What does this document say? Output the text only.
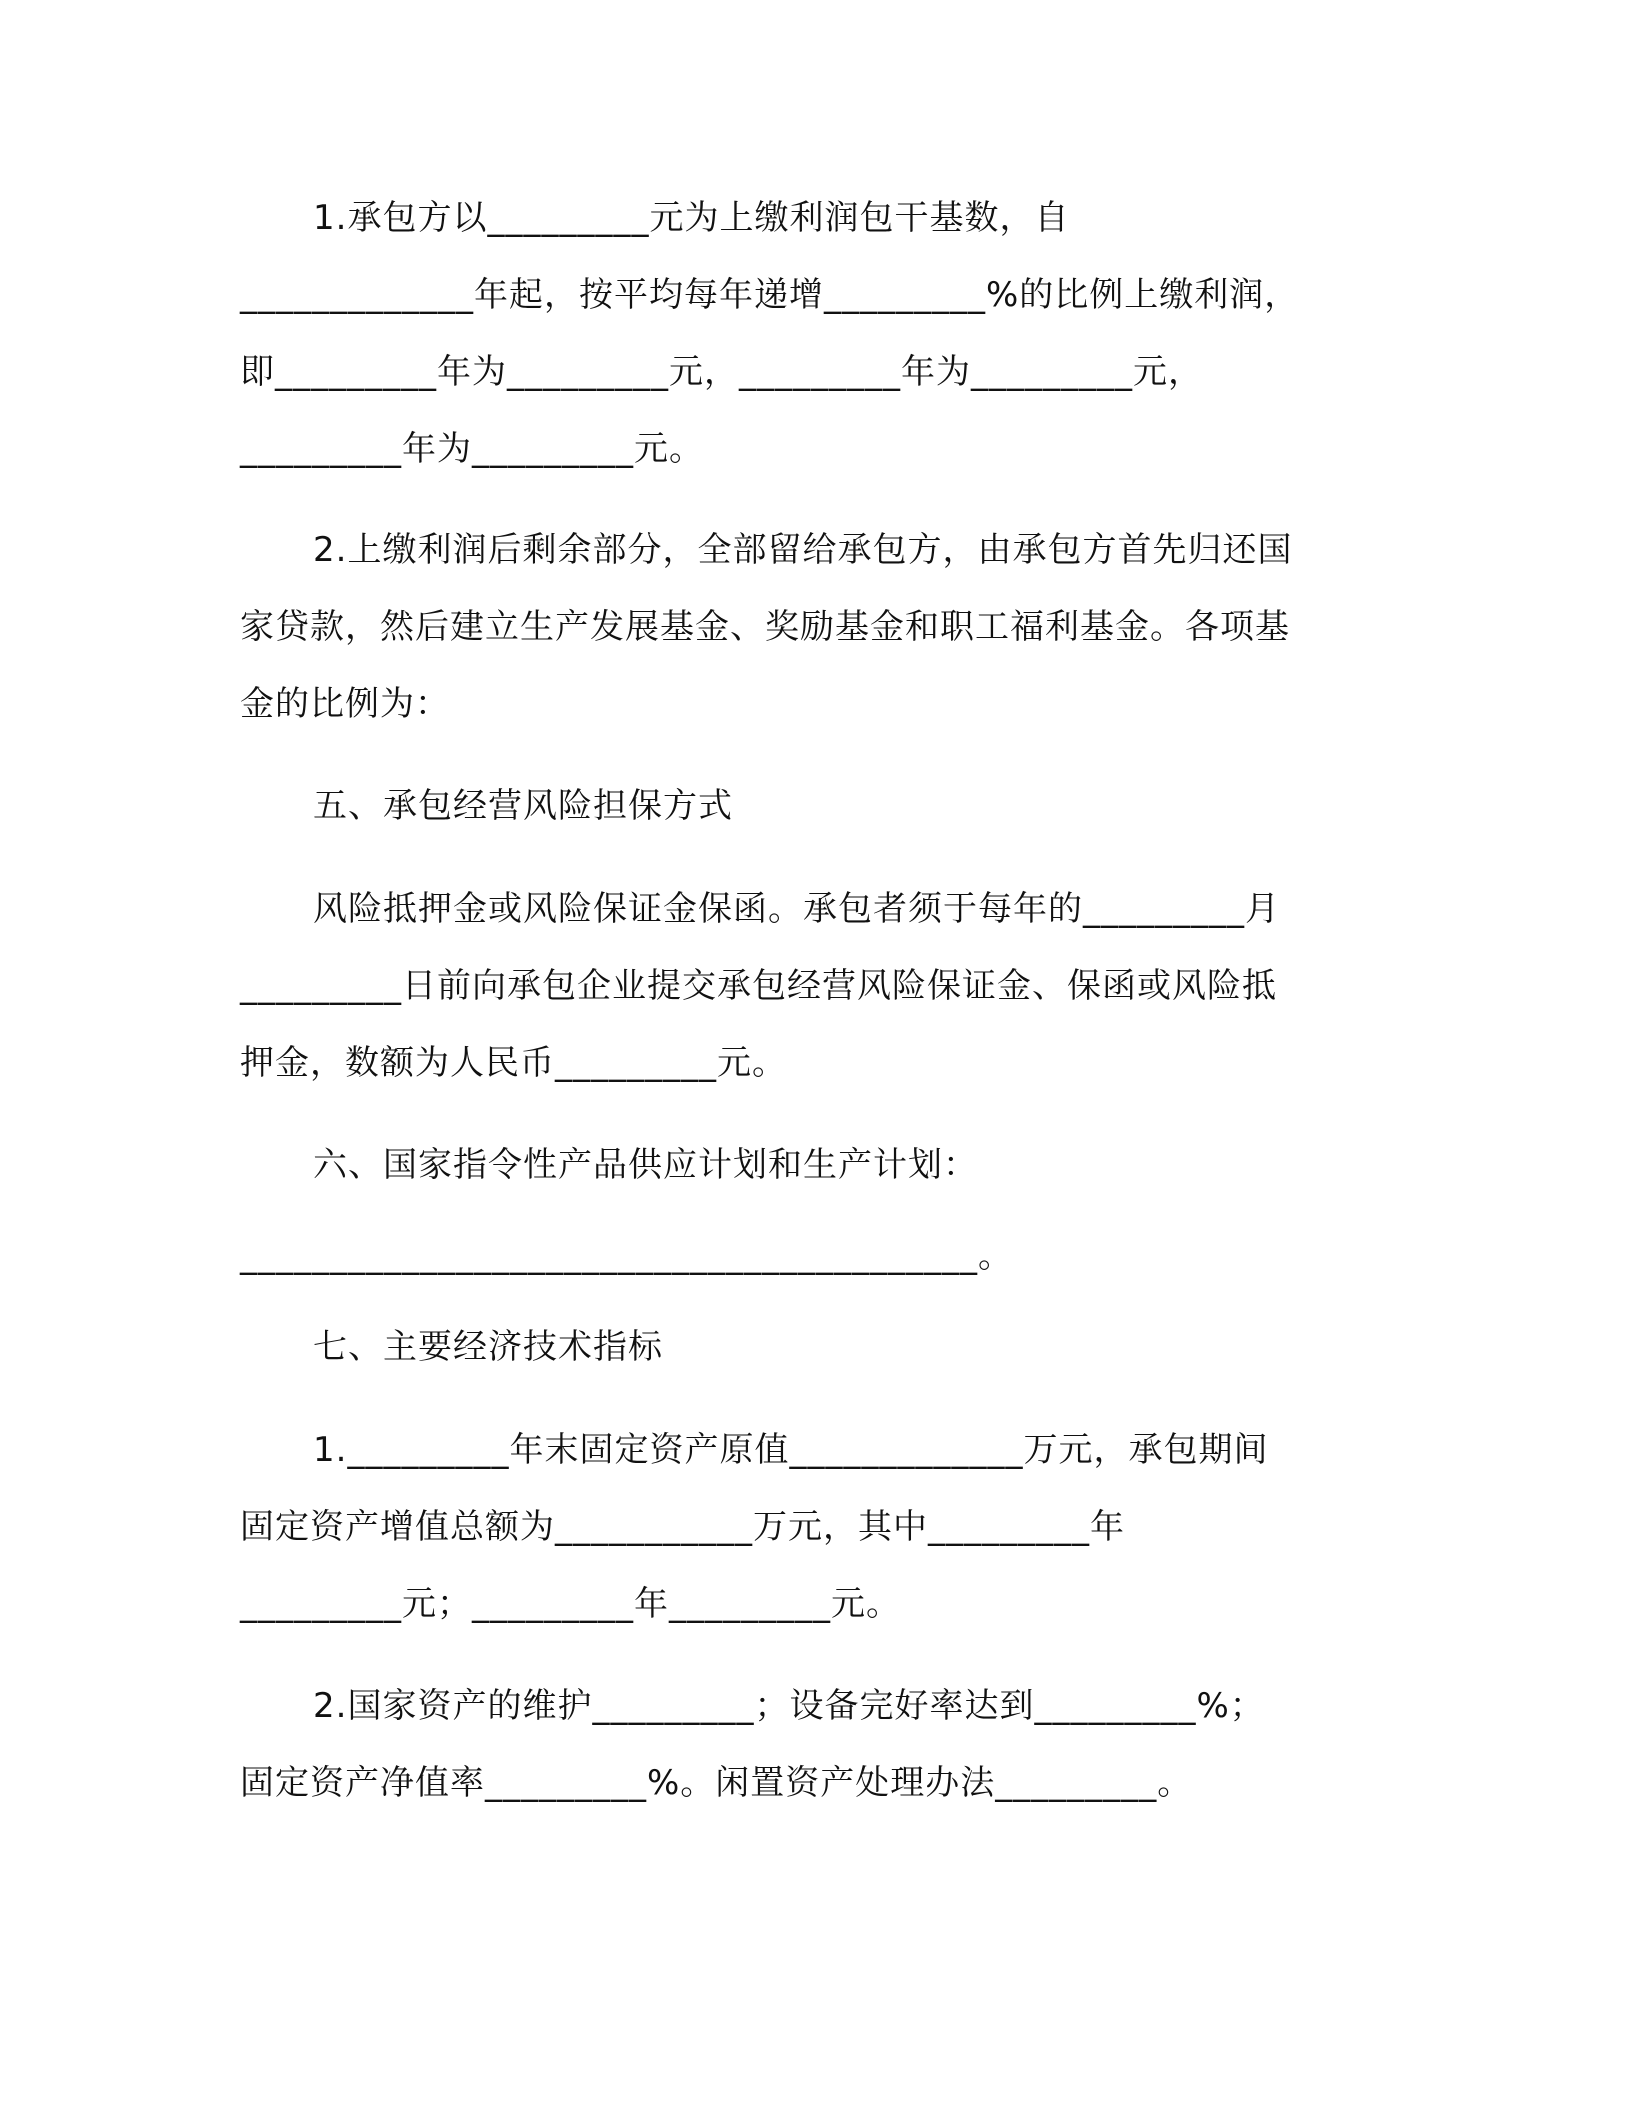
1.承包方以_________元为上缴利润包干基数，自
_____________年起，按平均每年递增_________%的比例上缴利润，
即_________年为_________元，_________年为_________元，
_________年为_________元。
2.上缴利润后剩余部分，全部留给承包方，由承包方首先归还国
家贷款，然后建立生产发展基金、奖励基金和职工福利基金。各项基
金的比例为：
五、承包经营风险担保方式
风险抵押金或风险保证金保函。承包者须于每年的_________月
_________日前向承包企业提交承包经营风险保证金、保函或风险抵
押金，数额为人民币_________元。
六、国家指令性产品供应计划和生产计划：
_________________________________________。
七、主要经济技术指标
1._________年末固定资产原值_____________万元，承包期间
固定资产增值总额为___________万元，其中_________年
_________元；_________年_________元。
2.国家资产的维护_________；设备完好率达到_________%；
固定资产净值率_________%。闲置资产处理办法_________。
